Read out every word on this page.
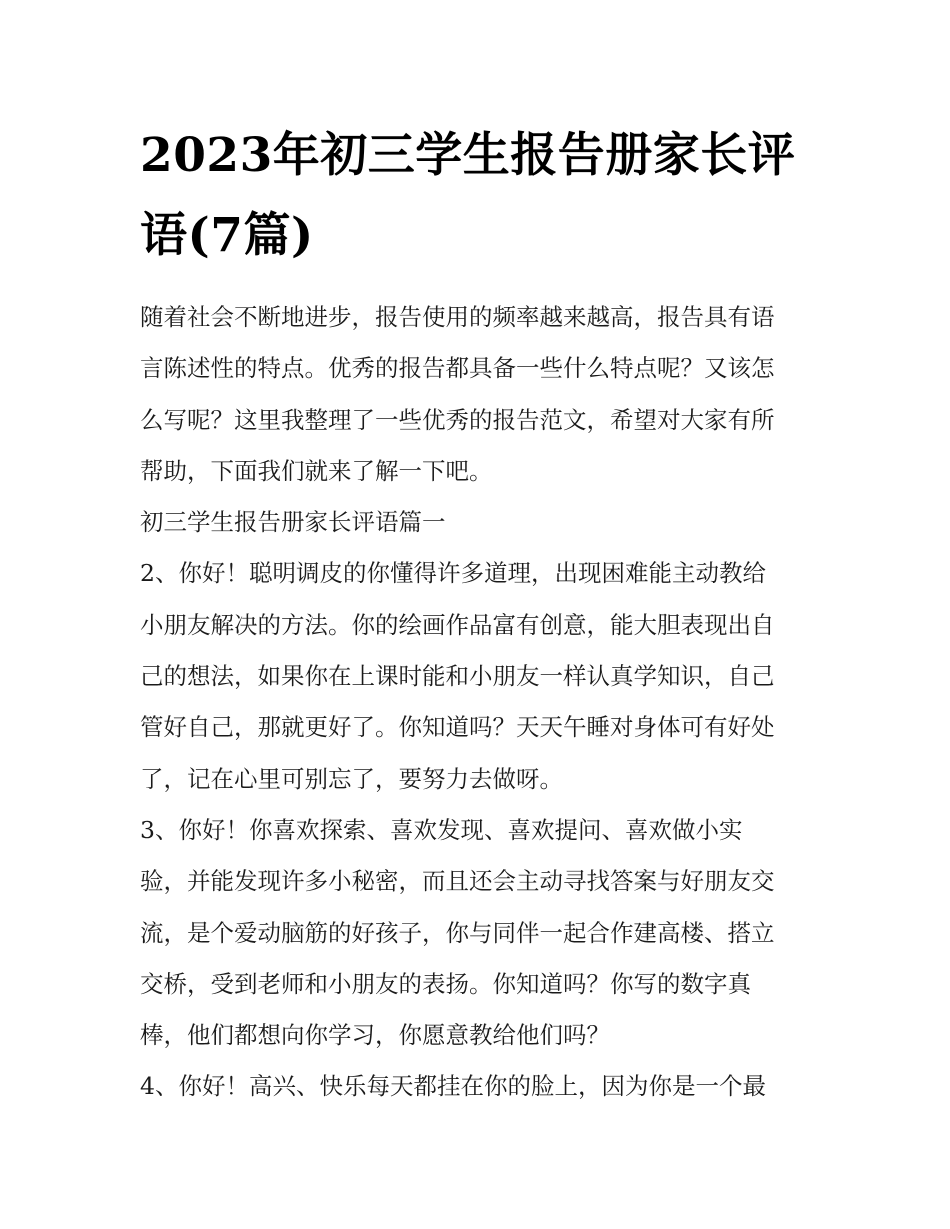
2023年初三学生报告册家长评
语(7篇)

随着社会不断地进步，报告使用的频率越来越高，报告具有语
言陈述性的特点。优秀的报告都具备一些什么特点呢？又该怎
么写呢？这里我整理了一些优秀的报告范文，希望对大家有所
帮助，下面我们就来了解一下吧。

初三学生报告册家长评语篇一

2、你好！聪明调皮的你懂得许多道理，出现困难能主动教给
小朋友解决的方法。你的绘画作品富有创意，能大胆表现出自
己的想法，如果你在上课时能和小朋友一样认真学知识，自己
管好自己，那就更好了。你知道吗？天天午睡对身体可有好处
了，记在心里可别忘了，要努力去做呀。

3、你好！你喜欢探索、喜欢发现、喜欢提问、喜欢做小实
验，并能发现许多小秘密，而且还会主动寻找答案与好朋友交
流，是个爱动脑筋的好孩子，你与同伴一起合作建高楼、搭立
交桥，受到老师和小朋友的表扬。你知道吗？你写的数字真
棒，他们都想向你学习，你愿意教给他们吗？

4、你好！高兴、快乐每天都挂在你的脸上，因为你是一个最
